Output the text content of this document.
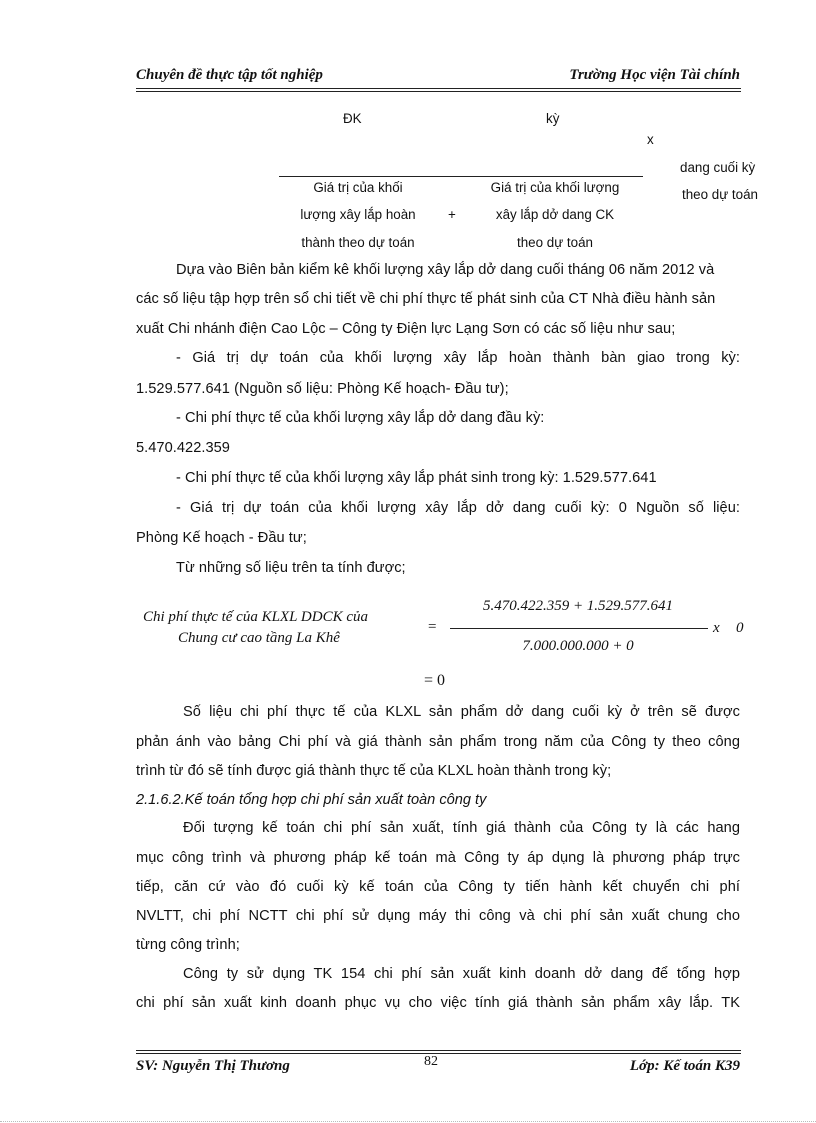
Chuyên đề thực tập tốt nghiệp	Trường Học viện Tài chính
ĐK	kỳ
x
dang cuối kỳ
theo dự toán
Giá trị của khối
lượng xây lắp hoàn
thành theo dự toán
+
Giá trị của khối lượng
xây lắp dở dang CK
theo dự toán
Dựa vào Biên bản kiểm kê khối lượng xây lắp dở dang cuối tháng 06 năm 2012 và
các số liệu tập hợp trên sổ chi tiết về chi phí thực tế phát sinh của CT Nhà điều hành sản
xuất Chi nhánh điện Cao Lộc – Công ty Điện lực Lạng Sơn có các số liệu như sau;
- Giá trị dự toán của khối lượng xây lắp hoàn thành bàn giao trong kỳ:
1.529.577.641 (Nguồn số liệu: Phòng Kế hoạch- Đầu tư);
- Chi phí thực tế của khối lượng xây lắp dở dang đầu kỳ:
5.470.422.359
- Chi phí thực tế của khối lượng xây lắp phát sinh trong kỳ: 1.529.577.641
- Giá trị dự toán của khối lượng xây lắp dở dang cuối kỳ: 0 Nguồn số liệu:
Phòng Kế hoạch - Đầu tư;
Từ những số liệu trên ta tính được;
Chi phí thực tế của KLXL DDCK của
Chung cư cao tầng La Khê
=
5.470.422.359 + 1.529.577.641
7.000.000.000 + 0
x 0
= 0
Số liệu chi phí thực tế của KLXL sản phẩm dở dang cuối kỳ ở trên sẽ được
phản ánh vào bảng Chi phí và giá thành sản phẩm trong năm của Công ty theo công
trình từ đó sẽ tính được giá thành thực tế của KLXL hoàn thành trong kỳ;
2.1.6.2.Kế toán tổng hợp chi phí sản xuất toàn công ty
Đối tượng kế toán chi phí sản xuất, tính giá thành của Công ty là các hang
mục công trình và phương pháp kế toán mà Công ty áp dụng là phương pháp trực
tiếp, căn cứ vào đó cuối kỳ kế toán của Công ty tiến hành kết chuyển chi phí
NVLTT, chi phí NCTT chi phí sử dụng máy thi công và chi phí sản xuất chung cho
từng công trình;
Công ty sử dụng TK 154 chi phí sản xuất kinh doanh dở dang để tổng hợp
chi phí sản xuất kinh doanh phục vụ cho việc tính giá thành sản phẩm xây lắp. TK
SV: Nguyễn Thị Thương	82	Lớp: Kế toán K39
